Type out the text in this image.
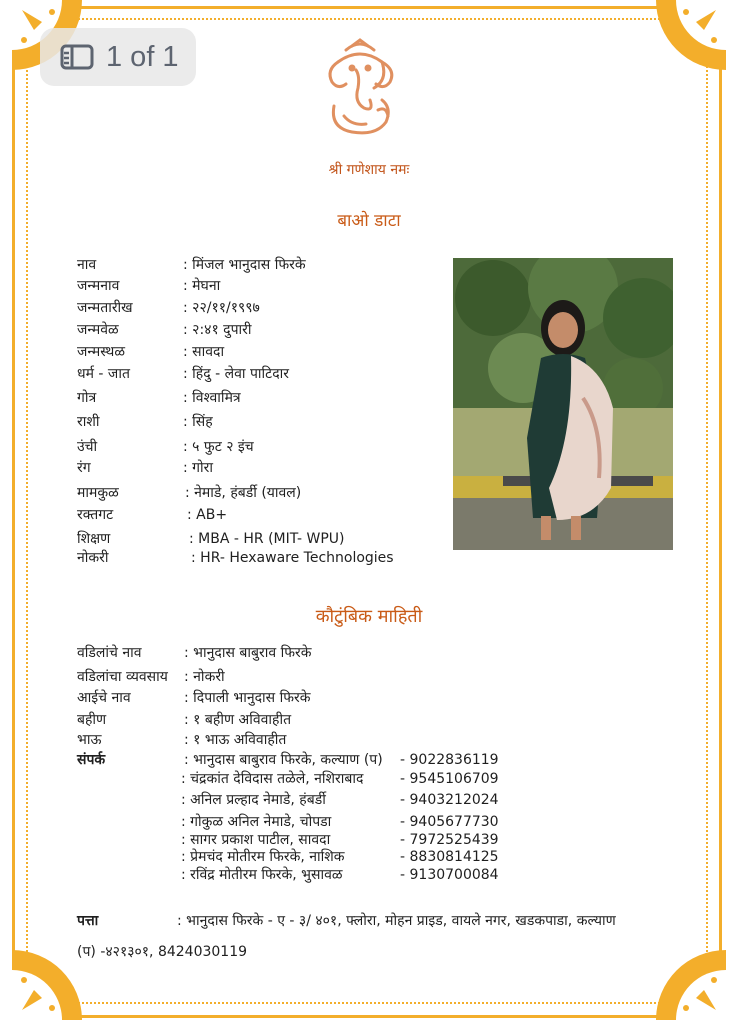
1 of 1
श्री गणेशाय नमः
बाओ डाटा
नाव	: मिंजल भानुदास फिरके
जन्मनाव	: मेघना
जन्मतारीख	: २२/११/१९९७
जन्मवेळ	: २:४१ दुपारी
जन्मस्थळ	: सावदा
धर्म - जात	: हिंदु - लेवा पाटिदार
गोत्र	: विश्वामित्र
राशी	: सिंह
उंची	: ५ फुट २ इंच
रंग	: गोरा
मामकुळ	: नेमाडे, हंबर्डी (यावल)
रक्तगट	: AB+
शिक्षण	: MBA - HR (MIT- WPU)
नोकरी	: HR- Hexaware Technologies
कौटुंबिक माहिती
वडिलांचे नाव	: भानुदास बाबुराव फिरके
वडिलांचा व्यवसाय : नोकरी
आईचे नाव	: दिपाली भानुदास फिरके
बहीण	: १ बहीण अविवाहीत
भाऊ	: १ भाऊ अविवाहीत
संपर्क	: भानुदास बाबुराव फिरके, कल्याण (प) - 9022836119
: चंद्रकांत देविदास तळेले, नशिराबाद	- 9545106709
: अनिल प्रल्हाद नेमाडे, हंबर्डी	- 9403212024
: गोकुळ अनिल नेमाडे, चोपडा	- 9405677730
: सागर प्रकाश पाटील, सावदा	- 7972525439
: प्रेमचंद मोतीरम फिरके, नाशिक	- 8830814125
: रविंद्र मोतीरम फिरके, भुसावळ	- 9130700084
पत्ता	: भानुदास फिरके - ए - ३/ ४०१, फ्लोरा, मोहन प्राइड, वायले नगर, खडकपाडा, कल्याण
(प) -४२१३०१, 8424030119
